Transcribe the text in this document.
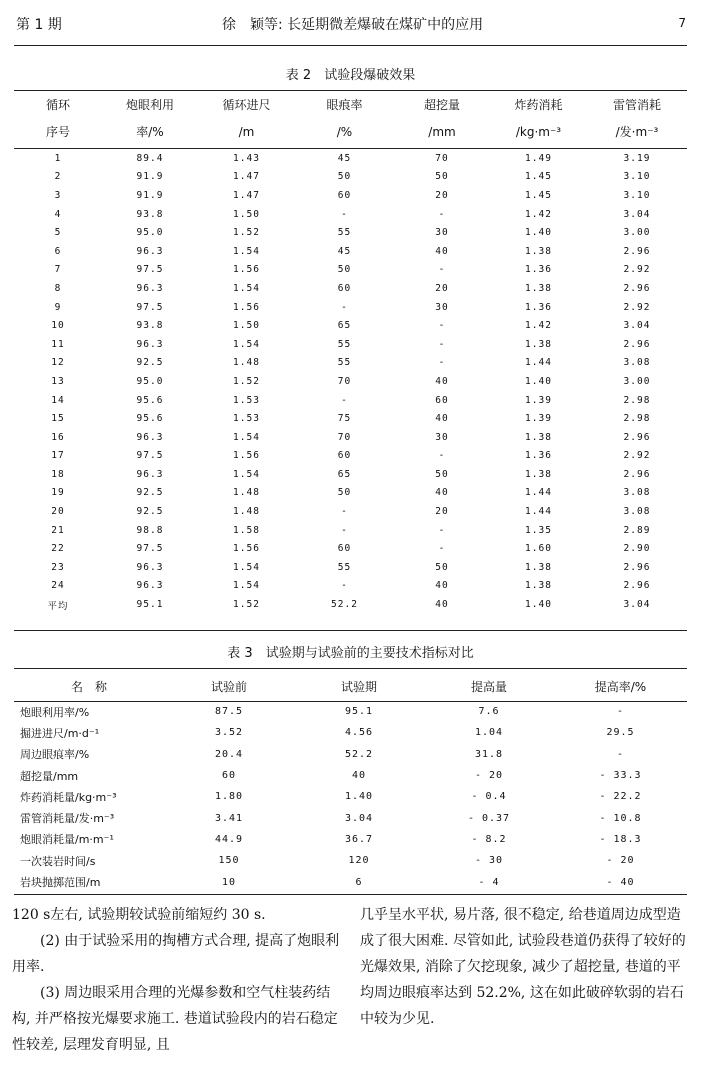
第 1 期	徐　颖等: 长延期微差爆破在煤矿中的应用	7
表 2　试验段爆破效果
循环	炮眼利用	循环进尺	眼痕率	超挖量	炸药消耗	雷管消耗
序号	率/%	/m	/%	/mm	/kg·m⁻³	/发·m⁻³
1	89.4	1.43	45	70	1.49	3.19
2	91.9	1.47	50	50	1.45	3.10
3	91.9	1.47	60	20	1.45	3.10
4	93.8	1.50	-	-	1.42	3.04
5	95.0	1.52	55	30	1.40	3.00
6	96.3	1.54	45	40	1.38	2.96
7	97.5	1.56	50	-	1.36	2.92
8	96.3	1.54	60	20	1.38	2.96
9	97.5	1.56	-	30	1.36	2.92
10	93.8	1.50	65	-	1.42	3.04
11	96.3	1.54	55	-	1.38	2.96
12	92.5	1.48	55	-	1.44	3.08
13	95.0	1.52	70	40	1.40	3.00
14	95.6	1.53	-	60	1.39	2.98
15	95.6	1.53	75	40	1.39	2.98
16	96.3	1.54	70	30	1.38	2.96
17	97.5	1.56	60	-	1.36	2.92
18	96.3	1.54	65	50	1.38	2.96
19	92.5	1.48	50	40	1.44	3.08
20	92.5	1.48	-	20	1.44	3.08
21	98.8	1.58	-	-	1.35	2.89
22	97.5	1.56	60	-	1.60	2.90
23	96.3	1.54	55	50	1.38	2.96
24	96.3	1.54	-	40	1.38	2.96
平均	95.1	1.52	52.2	40	1.40	3.04
表 3　试验期与试验前的主要技术指标对比
名　称	试验前	试验期	提高量	提高率/%
炮眼利用率/%	87.5	95.1	7.6	-
掘进进尺/m·d⁻¹	3.52	4.56	1.04	29.5
周边眼痕率/%	20.4	52.2	31.8	-
超挖量/mm	60	40	- 20	- 33.3
炸药消耗量/kg·m⁻³	1.80	1.40	- 0.4	- 22.2
雷管消耗量/发·m⁻³	3.41	3.04	- 0.37	- 10.8
炮眼消耗量/m·m⁻¹	44.9	36.7	- 8.2	- 18.3
一次装岩时间/s	150	120	- 30	- 20
岩块抛掷范围/m	10	6	- 4	- 40

120 s左右, 试验期较试验前缩短约 30 s.

　　(2) 由于试验采用的掏槽方式合理, 提高了炮眼利用率.

　　(3) 周边眼采用合理的光爆参数和空气柱装药结构, 并严格按光爆要求施工. 巷道试验段内的岩石稳定性较差, 层理发育明显, 且

几乎呈水平状, 易片落, 很不稳定, 给巷道周边成型造成了很大困难. 尽管如此, 试验段巷道仍获得了较好的光爆效果, 消除了欠挖现象, 减少了超挖量, 巷道的平均周边眼痕率达到 52.2%, 这在如此破碎软弱的岩石中较为少见.
